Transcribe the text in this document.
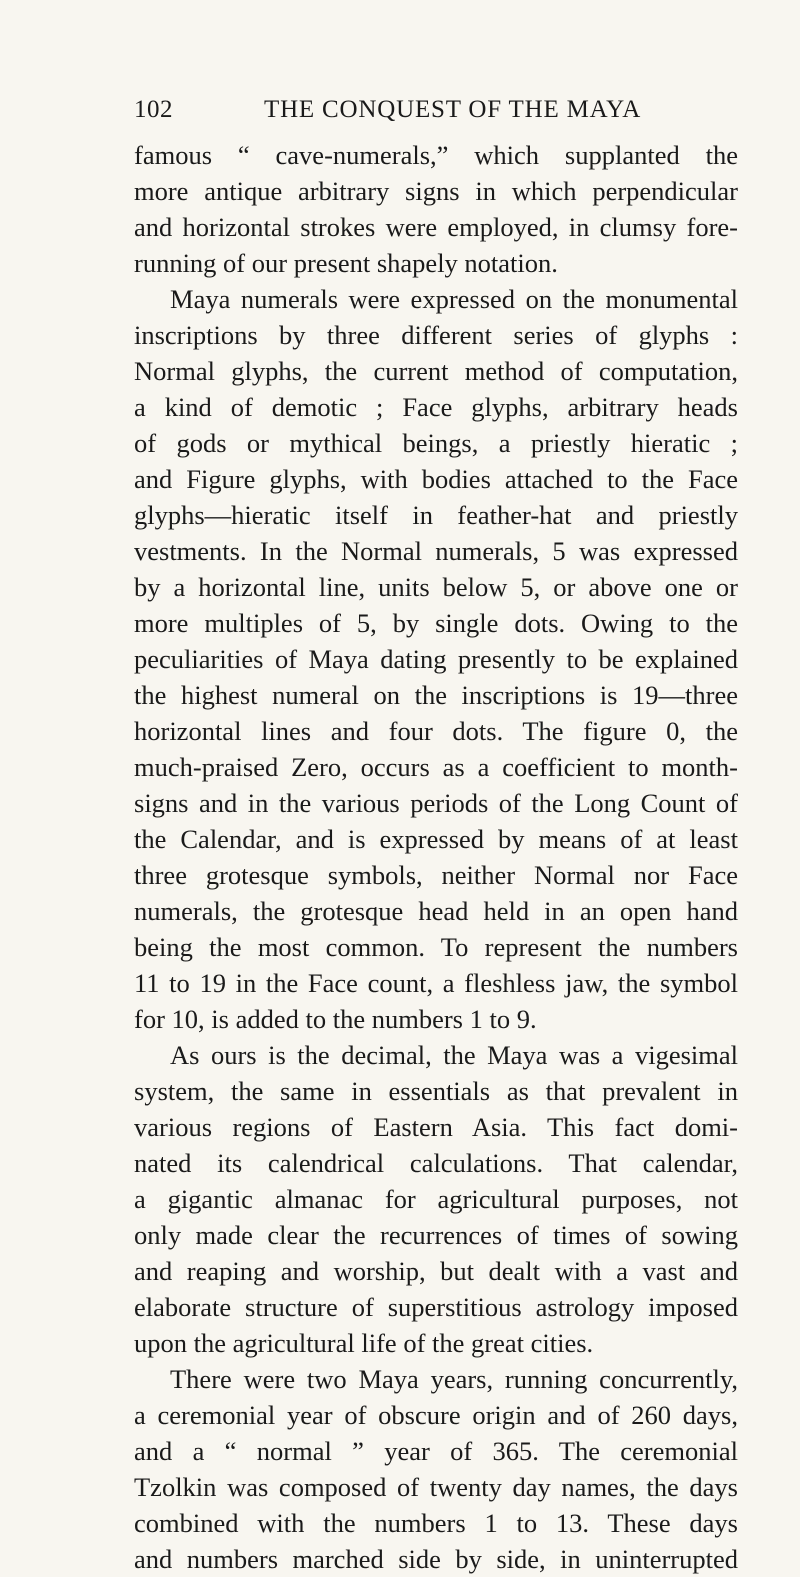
102	THE CONQUEST OF THE MAYA
famous “ cave-numerals,” which supplanted the
more antique arbitrary signs in which perpendicular
and horizontal strokes were employed, in clumsy fore-
running of our present shapely notation.
Maya numerals were expressed on the monumental
inscriptions by three different series of glyphs :
Normal glyphs, the current method of computation,
a kind of demotic ; Face glyphs, arbitrary heads
of gods or mythical beings, a priestly hieratic ;
and Figure glyphs, with bodies attached to the Face
glyphs—hieratic itself in feather-hat and priestly
vestments. In the Normal numerals, 5 was expressed
by a horizontal line, units below 5, or above one or
more multiples of 5, by single dots. Owing to the
peculiarities of Maya dating presently to be explained
the highest numeral on the inscriptions is 19—three
horizontal lines and four dots. The figure 0, the
much-praised Zero, occurs as a coefficient to month-
signs and in the various periods of the Long Count of
the Calendar, and is expressed by means of at least
three grotesque symbols, neither Normal nor Face
numerals, the grotesque head held in an open hand
being the most common. To represent the numbers
11 to 19 in the Face count, a fleshless jaw, the symbol
for 10, is added to the numbers 1 to 9.
As ours is the decimal, the Maya was a vigesimal
system, the same in essentials as that prevalent in
various regions of Eastern Asia. This fact domi-
nated its calendrical calculations. That calendar,
a gigantic almanac for agricultural purposes, not
only made clear the recurrences of times of sowing
and reaping and worship, but dealt with a vast and
elaborate structure of superstitious astrology imposed
upon the agricultural life of the great cities.
There were two Maya years, running concurrently,
a ceremonial year of obscure origin and of 260 days,
and a “ normal ” year of 365. The ceremonial
Tzolkin was composed of twenty day names, the days
combined with the numbers 1 to 13. These days
and numbers marched side by side, in uninterrupted
